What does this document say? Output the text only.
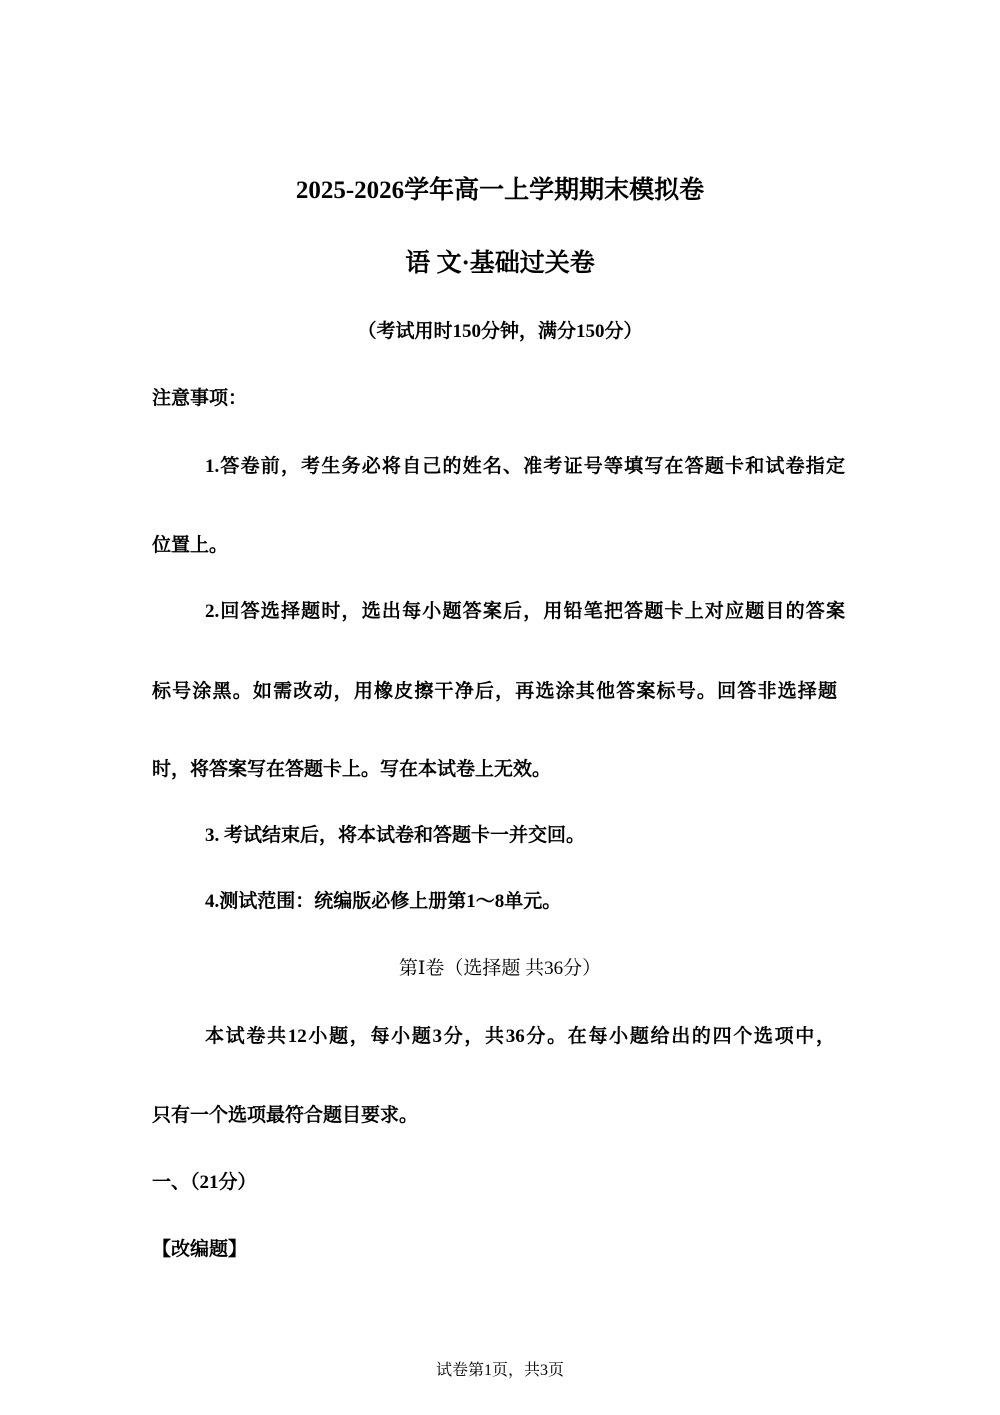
2025-2026学年高一上学期期末模拟卷
语 文·基础过关卷
（考试用时150分钟，满分150分）
注意事项：
1.答卷前，考生务必将自己的姓名、准考证号等填写在答题卡和试卷指定
位置上。
2.回答选择题时，选出每小题答案后，用铅笔把答题卡上对应题目的答案
标号涂黑。如需改动，用橡皮擦干净后，再选涂其他答案标号。回答非选择题
时，将答案写在答题卡上。写在本试卷上无效。
3. 考试结束后，将本试卷和答题卡一并交回。
4.测试范围：统编版必修上册第1～8单元。
第Ⅰ卷（选择题 共36分）
本试卷共12小题，每小题3分，共36分。在每小题给出的四个选项中，
只有一个选项最符合题目要求。
一、（21分）
【改编题】
试卷第1页，共3页
